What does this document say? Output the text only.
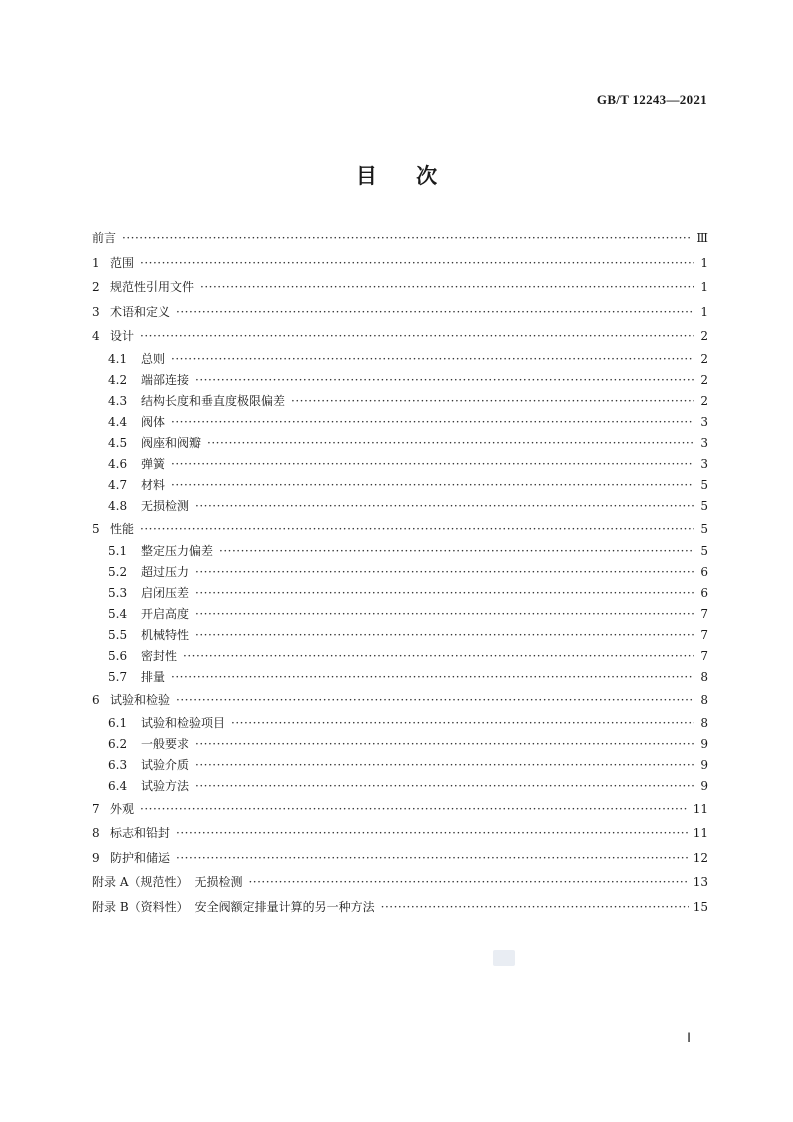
GB/T 12243—2021
目 次
前言 ·····	Ⅲ
1 范围 ·····	1
2 规范性引用文件 ·····	1
3 术语和定义 ·····	1
4 设计 ·····	2
4.1	总则 ·····	2
4.2	端部连接 ·····	2
4.3	结构长度和垂直度极限偏差 ·····	2
4.4	阀体 ·····	3
4.5	阀座和阀瓣 ·····	3
4.6	弹簧 ·····	3
4.7	材料 ·····	5
4.8	无损检测 ·····	5
5 性能 ·····	5
5.1	整定压力偏差 ·····	5
5.2	超过压力 ·····	6
5.3	启闭压差 ·····	6
5.4	开启高度 ·····	7
5.5	机械特性 ·····	7
5.6	密封性 ·····	7
5.7	排量 ·····	8
6 试验和检验 ·····	8
6.1	试验和检验项目 ·····	8
6.2	一般要求 ·····	9
6.3	试验介质 ·····	9
6.4	试验方法 ·····	9
7 外观 ·····	11
8 标志和铅封 ·····	11
9 防护和储运 ·····	12
附录 A（规范性）　无损检测 ·····	13
附录 B（资料性）　安全阀额定排量计算的另一种方法 ·····	15
Ⅰ
